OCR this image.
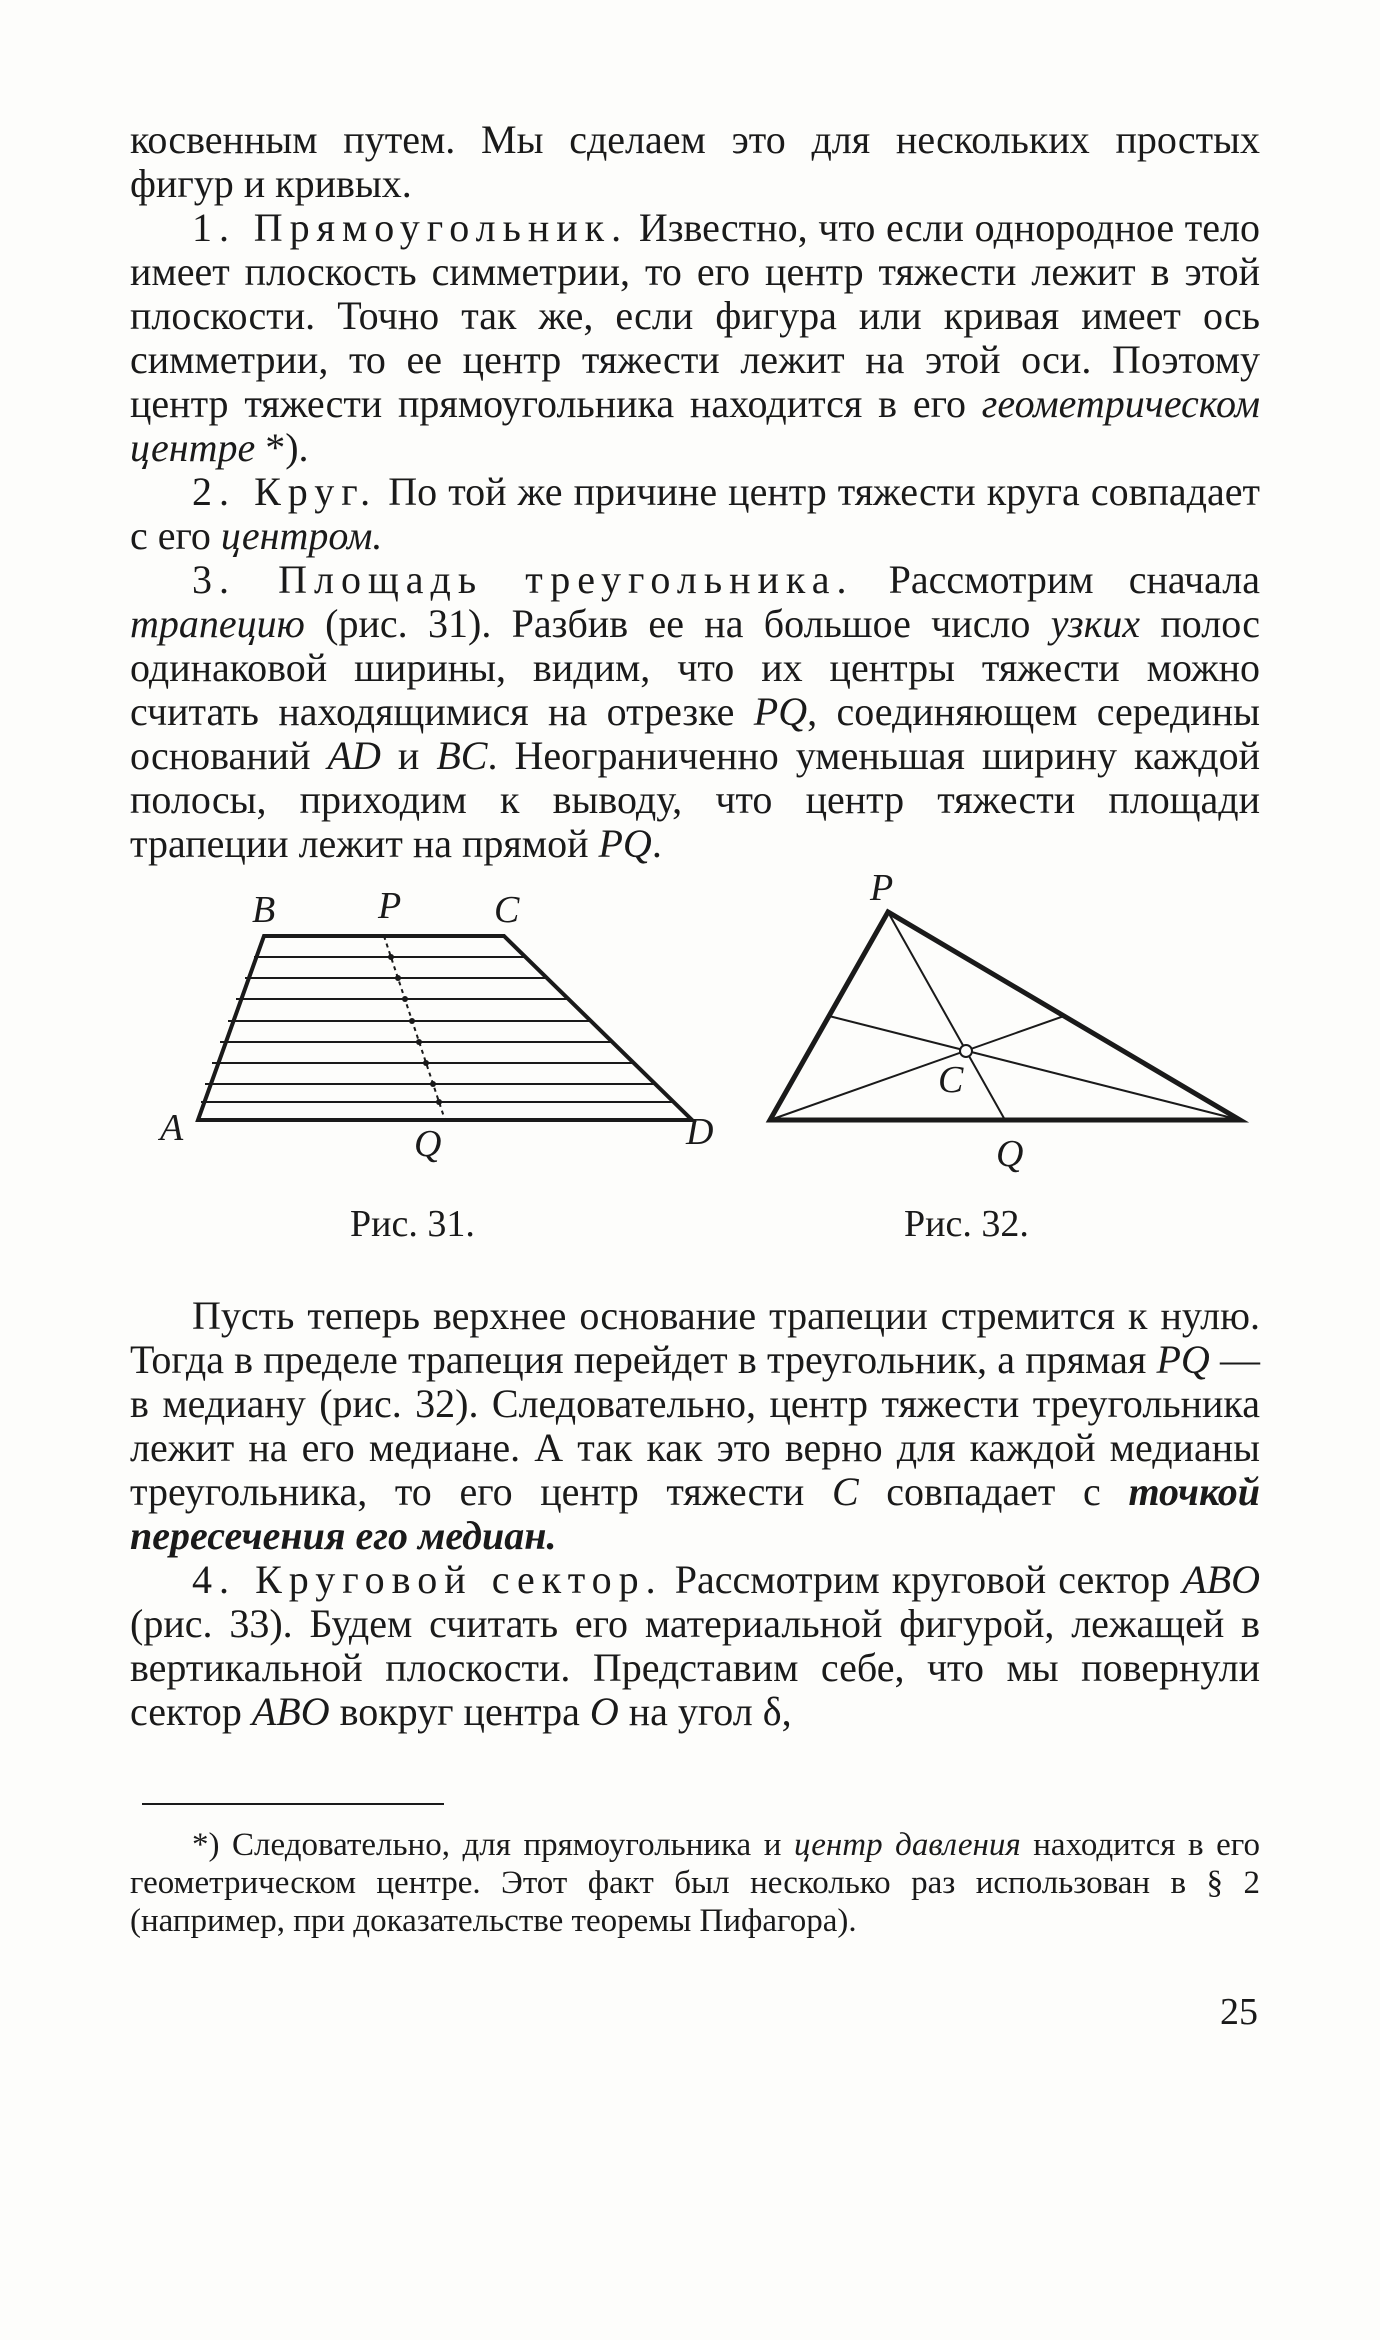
косвенным путем. Мы сделаем это для нескольких простых фигур и кривых.

1. Прямоугольник. Известно, что если однородное тело имеет плоскость симметрии, то его центр тяжести лежит в этой плоскости. Точно так же, если фигура или кривая имеет ось симметрии, то ее центр тяжести лежит на этой оси. Поэтому центр тяжести прямоугольника находится в его геометрическом центре *).

2. Круг. По той же причине центр тяжести круга совпадает с его центром.

3. Площадь треугольника. Рассмотрим сначала трапецию (рис. 31). Разбив ее на большое число узких полос одинаковой ширины, видим, что их центры тяжести можно считать находящимися на отрезке PQ, соединяющем середины оснований AD и BC. Неограниченно уменьшая ширину каждой полосы, приходим к выводу, что центр тяжести площади трапеции лежит на прямой PQ.

B	P C
A	Q	D
Рис. 31.
P
C
Q
Рис. 32.

Пусть теперь верхнее основание трапеции стремится к нулю. Тогда в пределе трапеция перейдет в треугольник, а прямая PQ — в медиану (рис. 32). Следовательно, центр тяжести треугольника лежит на его медиане. А так как это верно для каждой медианы треугольника, то его центр тяжести C совпадает с точкой пересечения его медиан.

4. Круговой сектор. Рассмотрим круговой сектор ABO (рис. 33). Будем считать его материальной фигурой, лежащей в вертикальной плоскости. Представим себе, что мы повернули сектор ABO вокруг центра O на угол δ,

*) Следовательно, для прямоугольника и центр давления находится в его геометрическом центре. Этот факт был несколько раз использован в § 2 (например, при доказательстве теоремы Пифагора).

25
